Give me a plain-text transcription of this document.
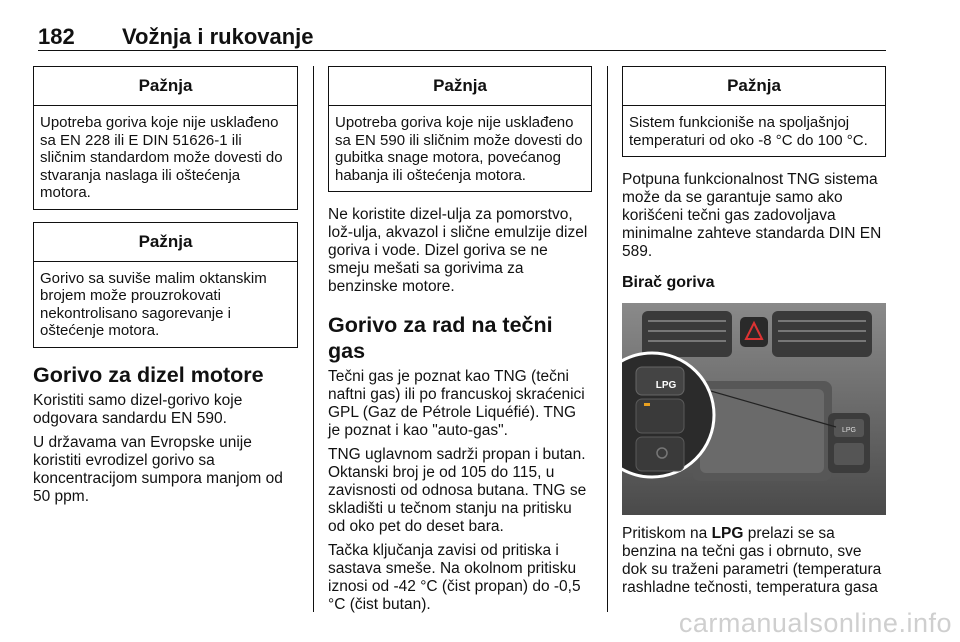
182 Vožnja i rukovanje
Pažnja
Upotreba goriva koje nije usklađeno sa EN 228 ili E DIN 51626-1 ili sličnim standardom može dovesti do stvaranja naslaga ili oštećenja motora.
Pažnja
Gorivo sa suviše malim oktanskim brojem može prouzrokovati nekontrolisano sagorevanje i oštećenje motora.
Gorivo za dizel motore

Koristiti samo dizel-gorivo koje odgovara sandardu EN 590.

U državama van Evropske unije koristiti evrodizel gorivo sa koncentracijom sumpora manjom od 50 ppm.

Pažnja
Upotreba goriva koje nije usklađeno sa EN 590 ili sličnim može dovesti do gubitka snage motora, povećanog habanja ili oštećenja motora.

Ne koristite dizel-ulja za pomorstvo, lož-ulja, akvazol i slične emulzije dizel goriva i vode. Dizel goriva se ne smeju mešati sa gorivima za benzinske motore.

Gorivo za rad na tečni gas

Tečni gas je poznat kao TNG (tečni naftni gas) ili po francuskoj skraćenici GPL (Gaz de Pétrole Liquéfié). TNG je poznat i kao "auto-gas".

TNG uglavnom sadrži propan i butan. Oktanski broj je od 105 do 115, u zavisnosti od odnosa butana. TNG se skladišti u tečnom stanju na pritisku od oko pet do deset bara.

Tačka ključanja zavisi od pritiska i sastava smeše. Na okolnom pritisku iznosi od -42 °C (čist propan) do -0,5 °C (čist butan).

Pažnja
Sistem funkcioniše na spoljašnjoj temperaturi od oko -8 °C do 100 °C.

Potpuna funkcionalnost TNG sistema može da se garantuje samo ako korišćeni tečni gas zadovoljava minimalne zahteve standarda DIN EN 589.

Birač goriva
LPG
LPG

Pritiskom na LPG prelazi se sa benzina na tečni gas i obrnuto, sve dok su traženi parametri (temperatura rashladne tečnosti, temperatura gasa

carmanualsonline.info
